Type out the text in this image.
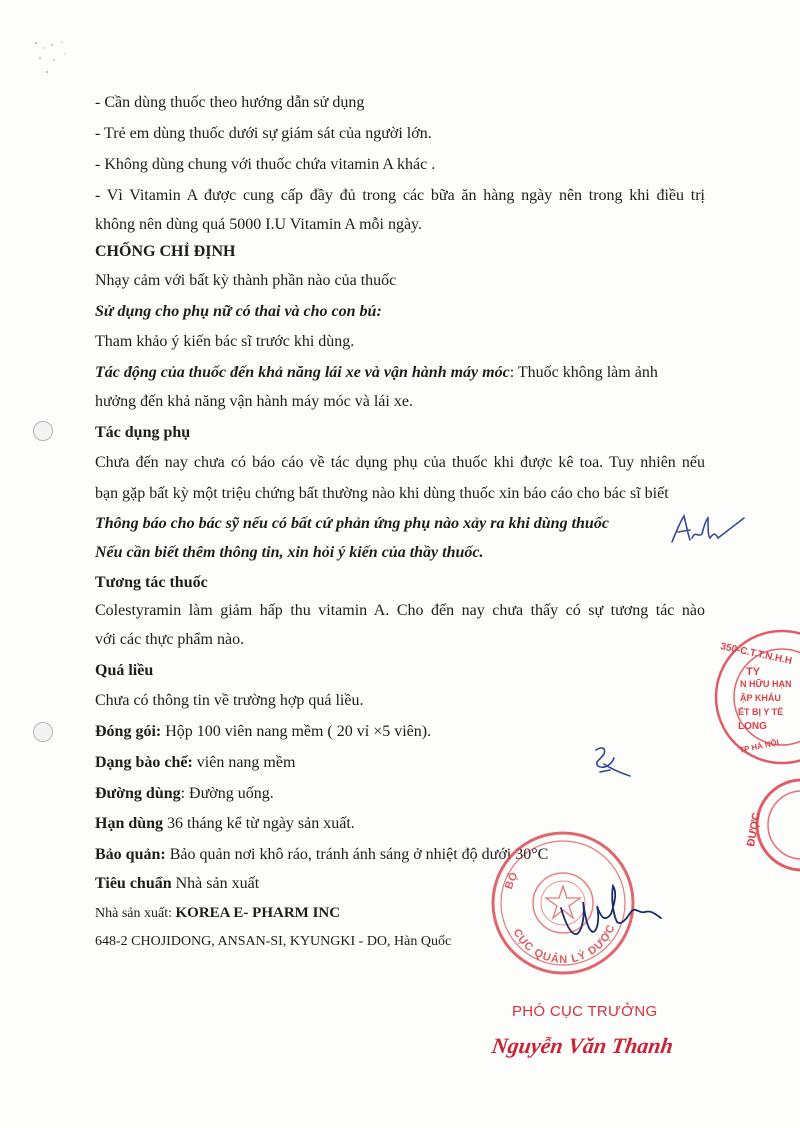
- Cần dùng thuốc theo hướng dẫn sử dụng
- Trẻ em dùng thuốc dưới sự giám sát của người lớn.
- Không dùng chung với thuốc chứa vitamin A khác .
- Vì Vitamin A được cung cấp đầy đủ trong các bữa ăn hàng ngày nên trong khi điều trị
không nên dùng quá 5000 I.U Vitamin A mỗi ngày.
CHỐNG CHỈ ĐỊNH
Nhạy cảm với bất kỳ thành phần nào của thuốc
Sử dụng cho phụ nữ có thai và cho con bú:
Tham khảo ý kiến bác sĩ trước khi dùng.
Tác động của thuốc đến khả năng lái xe và vận hành máy móc: Thuốc không làm ảnh
hưởng đến khả năng vận hành máy móc và lái xe.
Tác dụng phụ
Chưa đến nay chưa có báo cáo về tác dụng phụ của thuốc khi được kê toa. Tuy nhiên nếu
bạn gặp bất kỳ một triệu chứng bất thường nào khi dùng thuốc xin báo cáo cho bác sĩ biết
Thông báo cho bác sỹ nếu có bất cứ phản ứng phụ nào xảy ra khi dùng thuốc
Nếu cần biết thêm thông tin, xin hỏi ý kiến của thầy thuốc.
Tương tác thuốc
Colestyramin làm giảm hấp thu vitamin A. Cho đến nay chưa thấy có sự tương tác nào
với các thực phẩm nào.
Quá liều
Chưa có thông tin về trường hợp quá liều.
Đóng gói: Hộp 100 viên nang mềm ( 20 vỉ ×5 viên).
Dạng bào chế: viên nang mềm
Đường dùng: Đường uống.
Hạn dùng 36 tháng kể từ ngày sản xuất.
Bảo quản: Bảo quản nơi khô ráo, tránh ánh sáng ở nhiệt độ dưới 30°C
Tiêu chuẩn Nhà sản xuất
Nhà sản xuất: KOREA E- PHARM INC
648-2 CHOJIDONG, ANSAN-SI, KYUNGKI - DO, Hàn Quốc
350-C.T.T.N.H.H
TY
N HỮU HẠN
ẬP KHẨU
ẾT BỊ Y TẾ
LONG
TP HÀ NỘI
ĐƯỢC
BỘ
CỤC QUẢN LÝ DƯỢC
PHÓ CỤC TRƯỞNG
Nguyễn Văn Thanh
